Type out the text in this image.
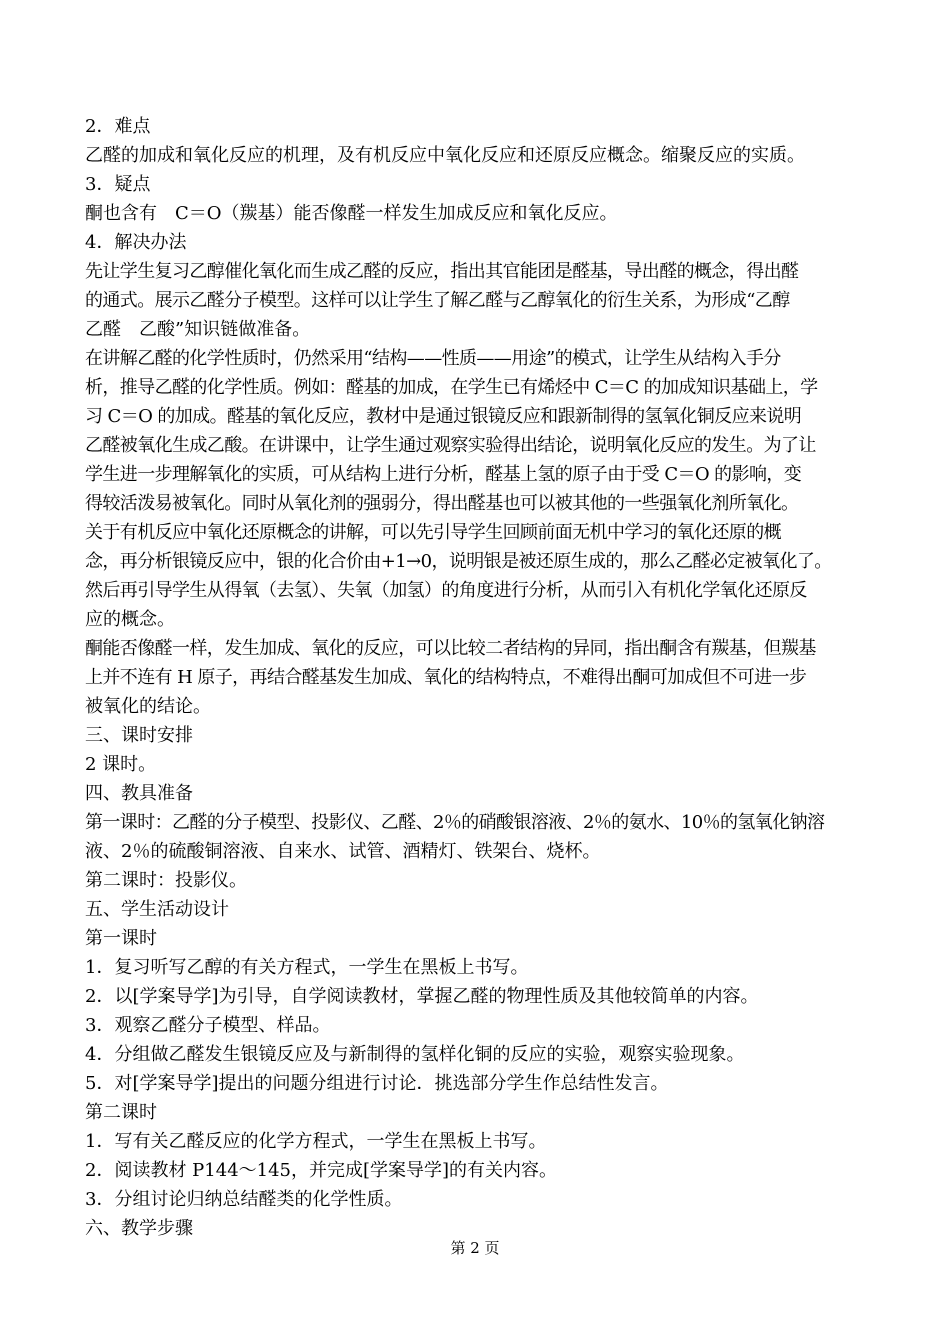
2．难点

乙醛的加成和氧化反应的机理，及有机反应中氧化反应和还原反应概念。缩聚反应的实质。

3．疑点

酮也含有　C＝O（羰基）能否像醛一样发生加成反应和氧化反应。

4．解决办法

先让学生复习乙醇催化氧化而生成乙醛的反应，指出其官能团是醛基，导出醛的概念，得出醛

的通式。展示乙醛分子模型。这样可以让学生了解乙醛与乙醇氧化的衍生关系，为形成“乙醇

乙醛　乙酸”知识链做准备。

在讲解乙醛的化学性质时，仍然采用“结构——性质——用途”的模式，让学生从结构入手分

析，推导乙醛的化学性质。例如：醛基的加成，在学生已有烯烃中 C＝C 的加成知识基础上，学

习 C＝O 的加成。醛基的氧化反应，教材中是通过银镜反应和跟新制得的氢氧化铜反应来说明

乙醛被氧化生成乙酸。在讲课中，让学生通过观察实验得出结论，说明氧化反应的发生。为了让

学生进一步理解氧化的实质，可从结构上进行分析，醛基上氢的原子由于受 C＝O 的影响，变

得较活泼易被氧化。同时从氧化剂的强弱分，得出醛基也可以被其他的一些强氧化剂所氧化。

关于有机反应中氧化还原概念的讲解，可以先引导学生回顾前面无机中学习的氧化还原的概

念，再分析银镜反应中，银的化合价由+1→0，说明银是被还原生成的，那么乙醛必定被氧化了。

然后再引导学生从得氧（去氢）、失氧（加氢）的角度进行分析，从而引入有机化学氧化还原反

应的概念。

酮能否像醛一样，发生加成、氧化的反应，可以比较二者结构的异同，指出酮含有羰基，但羰基

上并不连有 H 原子，再结合醛基发生加成、氧化的结构特点，不难得出酮可加成但不可进一步

被氧化的结论。

三、课时安排

2 课时。

四、教具准备

第一课时：乙醛的分子模型、投影仪、乙醛、2％的硝酸银溶液、2％的氨水、10％的氢氧化钠溶

液、2％的硫酸铜溶液、自来水、试管、酒精灯、铁架台、烧杯。

第二课时：投影仪。

五、学生活动设计

第一课时

1．复习听写乙醇的有关方程式，一学生在黑板上书写。

2．以[学案导学]为引导，自学阅读教材，掌握乙醛的物理性质及其他较简单的内容。

3．观察乙醛分子模型、样品。

4．分组做乙醛发生银镜反应及与新制得的氢样化铜的反应的实验，观察实验现象。

5．对[学案导学]提出的问题分组进行讨论．挑选部分学生作总结性发言。

第二课时

1．写有关乙醛反应的化学方程式，一学生在黑板上书写。

2．阅读教材 P144～145，并完成[学案导学]的有关内容。

3．分组讨论归纳总结醛类的化学性质。

六、教学步骤

第 2 页
